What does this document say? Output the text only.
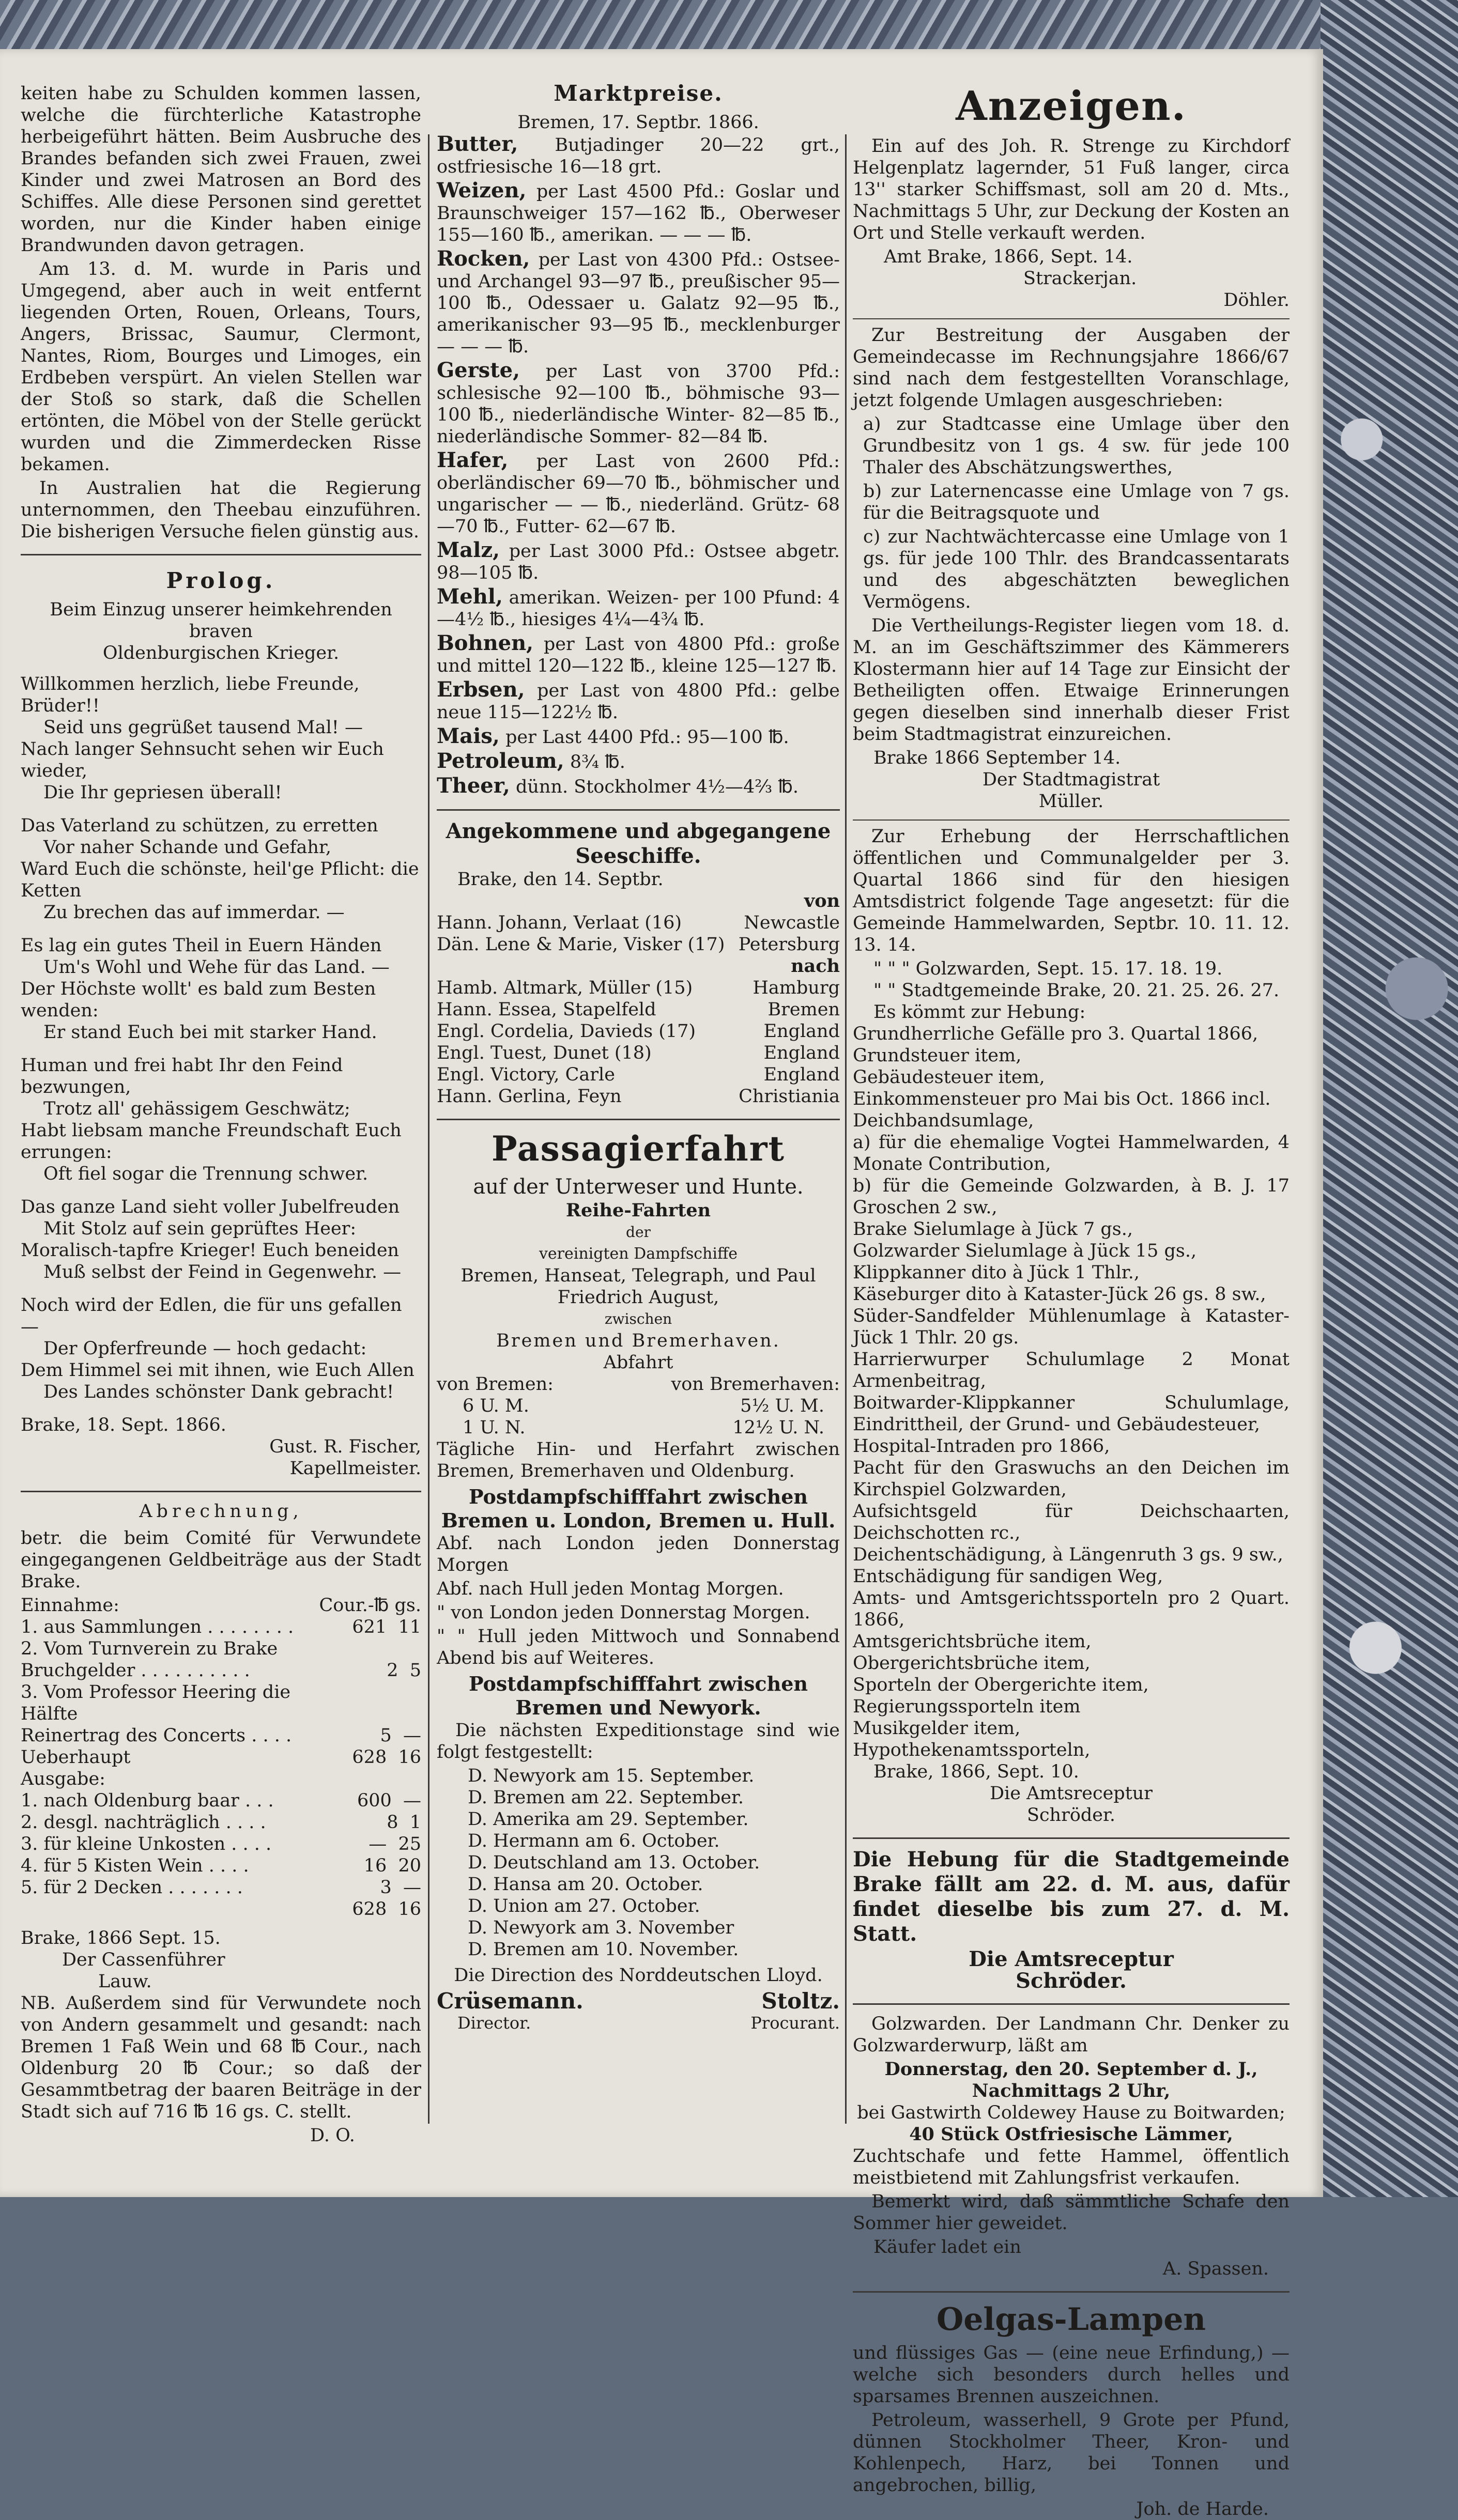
keiten habe zu Schulden kommen lassen, welche die fürchterliche Katastrophe herbeigeführt hätten. Beim Ausbruche des Brandes befanden sich zwei Frauen, zwei Kinder und zwei Matrosen an Bord des Schiffes. Alle diese Personen sind gerettet worden, nur die Kinder haben einige Brandwunden davon getragen.

Am 13. d. M. wurde in Paris und Umgegend, aber auch in weit entfernt liegenden Orten, Rouen, Orleans, Tours, Angers, Brissac, Saumur, Clermont, Nantes, Riom, Bourges und Limoges, ein Erdbeben verspürt. An vielen Stellen war der Stoß so stark, daß die Schellen ertönten, die Möbel von der Stelle gerückt wurden und die Zimmerdecken Risse bekamen.

In Australien hat die Regierung unternommen, den Theebau einzuführen. Die bisherigen Versuche fielen günstig aus.

Prolog.
Beim Einzug unserer heimkehrenden braven
Oldenburgischen Krieger.
Willkommen herzlich, liebe Freunde, Brüder!!
Seid uns gegrüßet tausend Mal! —
Nach langer Sehnsucht sehen wir Euch wieder,
Die Ihr gepriesen überall!
Das Vaterland zu schützen, zu erretten
Vor naher Schande und Gefahr,
Ward Euch die schönste, heil'ge Pflicht: die Ketten
Zu brechen das auf immerdar. —
Es lag ein gutes Theil in Euern Händen
Um's Wohl und Wehe für das Land. —
Der Höchste wollt' es bald zum Besten wenden:
Er stand Euch bei mit starker Hand.
Human und frei habt Ihr den Feind bezwungen,
Trotz all' gehässigem Geschwätz;
Habt liebsam manche Freundschaft Euch errungen:
Oft fiel sogar die Trennung schwer.
Das ganze Land sieht voller Jubelfreuden
Mit Stolz auf sein geprüftes Heer:
Moralisch-tapfre Krieger! Euch beneiden
Muß selbst der Feind in Gegenwehr. —
Noch wird der Edlen, die für uns gefallen —
Der Opferfreunde — hoch gedacht:
Dem Himmel sei mit ihnen, wie Euch Allen
Des Landes schönster Dank gebracht!
Brake, 18. Sept. 1866.
Gust. R. Fischer,
Kapellmeister.
Abrechnung,

betr. die beim Comité für Verwundete eingegangenen Geldbeiträge aus der Stadt Brake.

Einnahme:	Cour.-℔ gs.
1. aus Sammlungen . . . . . . . .	621  11
2. Vom Turnverein zu Brake
Bruchgelder . . . . . . . . . .	2  5
3. Vom Professor Heering die Hälfte
Reinertrag des Concerts . . . .	5  —
Ueberhaupt	628  16
Ausgabe:
1. nach Oldenburg baar . . .	600  —
2. desgl. nachträglich . . . .	8  1
3. für kleine Unkosten . . . .	—  25
4. für 5 Kisten Wein . . . .	16  20
5. für 2 Decken . . . . . . .	3  —
628  16
Brake, 1866 Sept. 15.
Der Cassenführer
Lauw.

NB. Außerdem sind für Verwundete noch von Andern gesammelt und gesandt: nach Bremen 1 Faß Wein und 68 ℔ Cour., nach Oldenburg 20 ℔ Cour.; so daß der Gesammtbetrag der baaren Beiträge in der Stadt sich auf 716 ℔ 16 gs. C. stellt.

D. O.
Marktpreise.
Bremen, 17. Septbr. 1866.

Butter, Butjadinger 20—22 grt., ostfriesische 16—18 grt.

Weizen, per Last 4500 Pfd.: Goslar und Braunschweiger 157—162 ℔., Oberweser 155—160 ℔., amerikan. — — — ℔.

Rocken, per Last von 4300 Pfd.: Ostsee- und Archangel 93—97 ℔., preußischer 95—100 ℔., Odessaer u. Galatz 92—95 ℔., amerikanischer 93—95 ℔., mecklenburger — — — ℔.

Gerste, per Last von 3700 Pfd.: schlesische 92—100 ℔., böhmische 93—100 ℔., niederländische Winter- 82—85 ℔., niederländische Sommer- 82—84 ℔.

Hafer, per Last von 2600 Pfd.: oberländischer 69—70 ℔., böhmischer und ungarischer — — ℔., niederländ. Grütz- 68—70 ℔., Futter- 62—67 ℔.

Malz, per Last 3000 Pfd.: Ostsee abgetr. 98—105 ℔.

Mehl, amerikan. Weizen- per 100 Pfund: 4—4½ ℔., hiesiges 4¼—4¾ ℔.

Bohnen, per Last von 4800 Pfd.: große und mittel 120—122 ℔., kleine 125—127 ℔.

Erbsen, per Last von 4800 Pfd.: gelbe neue 115—122½ ℔.

Mais, per Last 4400 Pfd.: 95—100 ℔.

Petroleum, 8¾ ℔.

Theer, dünn. Stockholmer 4½—4⅔ ℔.

Angekommene und abgegangene Seeschiffe.
Brake, den 14. Septbr.
von
Hann. Johann, Verlaat (16)	Newcastle
Dän. Lene & Marie, Visker (17) Petersburg
nach
Hamb. Altmark, Müller (15)	Hamburg
Hann. Essea, Stapelfeld	Bremen
Engl. Cordelia, Davieds (17)	England
Engl. Tuest, Dunet (18)	England
Engl. Victory, Carle	England
Hann. Gerlina, Feyn	Christiania
Passagierfahrt
auf der Unterweser und Hunte.
Reihe-Fahrten
der
vereinigten Dampfschiffe
Bremen, Hanseat, Telegraph, und Paul Friedrich August,
zwischen
Bremen und Bremerhaven.
Abfahrt
von Bremen:	von Bremerhaven:
6 U. M.	5½ U. M.
1 U. N.	12½ U. N.

Tägliche Hin- und Herfahrt zwischen Bremen, Bremerhaven und Oldenburg.

Postdampfschifffahrt zwischen Bremen u. London, Bremen u. Hull.

Abf. nach London jeden Donnerstag Morgen

Abf. nach Hull jeden Montag Morgen.

" von London jeden Donnerstag Morgen.

" " Hull jeden Mittwoch und Sonnabend Abend bis auf Weiteres.

Postdampfschifffahrt zwischen Bremen und Newyork.

Die nächsten Expeditionstage sind wie folgt festgestellt:

D. Newyork am 15. September.
D. Bremen am 22. September.
D. Amerika am 29. September.
D. Hermann am 6. October.
D. Deutschland am 13. October.
D. Hansa am 20. October.
D. Union am 27. October.
D. Newyork am 3. November
D. Bremen am 10. November.
Die Direction des Norddeutschen Lloyd.
Crüsemann.	Stoltz.
Director.	Procurant.
Anzeigen.

Ein auf des Joh. R. Strenge zu Kirchdorf Helgenplatz lagernder, 51 Fuß langer, circa 13'' starker Schiffsmast, soll am 20 d. Mts., Nachmittags 5 Uhr, zur Deckung der Kosten an Ort und Stelle verkauft werden.

Amt Brake, 1866, Sept. 14.
Strackerjan.
Döhler.

Zur Bestreitung der Ausgaben der Gemeindecasse im Rechnungsjahre 1866/67 sind nach dem festgestellten Voranschlage, jetzt folgende Umlagen ausgeschrieben:

a) zur Stadtcasse eine Umlage über den Grundbesitz von 1 gs. 4 sw. für jede 100 Thaler des Abschätzungswerthes,

b) zur Laternencasse eine Umlage von 7 gs. für die Beitragsquote und

c) zur Nachtwächtercasse eine Umlage von 1 gs. für jede 100 Thlr. des Brandcassentarats und des abgeschätzten beweglichen Vermögens.

Die Vertheilungs-Register liegen vom 18. d. M. an im Geschäftszimmer des Kämmerers Klostermann hier auf 14 Tage zur Einsicht der Betheiligten offen. Etwaige Erinnerungen gegen dieselben sind innerhalb dieser Frist beim Stadtmagistrat einzureichen.

Brake 1866 September 14.
Der Stadtmagistrat
Müller.

Zur Erhebung der Herrschaftlichen öffentlichen und Communalgelder per 3. Quartal 1866 sind für den hiesigen Amtsdistrict folgende Tage angesetzt: für die Gemeinde Hammelwarden, Septbr. 10. 11. 12. 13. 14.

" " " Golzwarden, Sept. 15. 17. 18. 19.
" " Stadtgemeinde Brake, 20. 21. 25. 26. 27.
Es kömmt zur Hebung:

Grundherrliche Gefälle pro 3. Quartal 1866,

Grundsteuer item,

Gebäudesteuer item,

Einkommensteuer pro Mai bis Oct. 1866 incl.

Deichbandsumlage,

a) für die ehemalige Vogtei Hammelwarden, 4 Monate Contribution,

b) für die Gemeinde Golzwarden, à B. J. 17 Groschen 2 sw.,

Brake Sielumlage à Jück 7 gs.,

Golzwarder Sielumlage à Jück 15 gs.,

Klippkanner dito à Jück 1 Thlr.,

Käseburger dito à Kataster-Jück 26 gs. 8 sw.,

Süder-Sandfelder Mühlenumlage à Kataster-Jück 1 Thlr. 20 gs.

Harrierwurper Schulumlage 2 Monat Armenbeitrag,

Boitwarder-Klippkanner Schulumlage, Eindrittheil, der Grund- und Gebäudesteuer,

Hospital-Intraden pro 1866,

Pacht für den Graswuchs an den Deichen im Kirchspiel Golzwarden,

Aufsichtsgeld für Deichschaarten, Deichschotten rc.,

Deichentschädigung, à Längenruth 3 gs. 9 sw.,

Entschädigung für sandigen Weg,

Amts- und Amtsgerichtssporteln pro 2 Quart. 1866,

Amtsgerichtsbrüche item,

Obergerichtsbrüche item,

Sporteln der Obergerichte item,

Regierungssporteln item

Musikgelder item,

Hypothekenamtssporteln,

Brake, 1866, Sept. 10.
Die Amtsreceptur
Schröder.

Die Hebung für die Stadtgemeinde Brake fällt am 22. d. M. aus, dafür findet dieselbe bis zum 27. d. M. Statt.

Die Amtsreceptur
Schröder.

Golzwarden. Der Landmann Chr. Denker zu Golzwarderwurp, läßt am

Donnerstag, den 20. September d. J.,
Nachmittags 2 Uhr,
bei Gastwirth Coldewey Hause zu Boitwarden;
40 Stück Ostfriesische Lämmer,

Zuchtschafe und fette Hammel, öffentlich meistbietend mit Zahlungsfrist verkaufen.

Bemerkt wird, daß sämmtliche Schafe den Sommer hier geweidet.

Käufer ladet ein
A. Spassen.
Oelgas-Lampen

und flüssiges Gas — (eine neue Erfindung,) — welche sich besonders durch helles und sparsames Brennen auszeichnen.

Petroleum, wasserhell, 9 Grote per Pfund, dünnen Stockholmer Theer, Kron- und Kohlenpech, Harz, bei Tonnen und angebrochen, billig,

Joh. de Harde.
